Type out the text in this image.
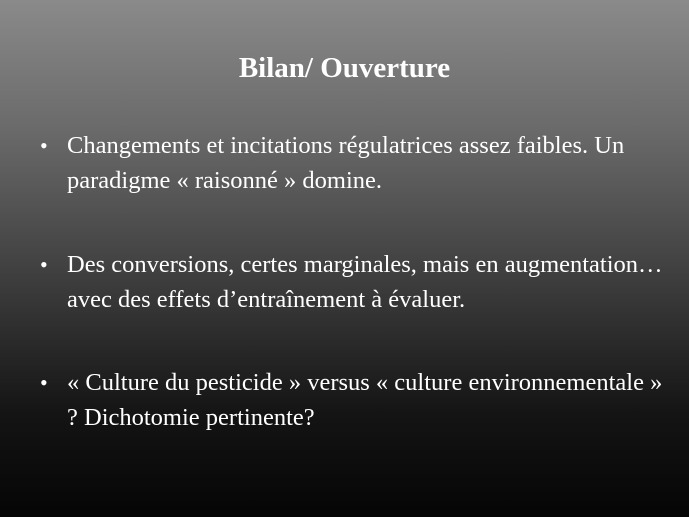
Bilan/ Ouverture
• Changements et incitations régulatrices assez faibles. Un paradigme « raisonné » domine.
• Des conversions, certes marginales, mais en augmentation… avec des effets d’entraînement à évaluer.
• « Culture du pesticide » versus « culture environnementale » ? Dichotomie pertinente?
